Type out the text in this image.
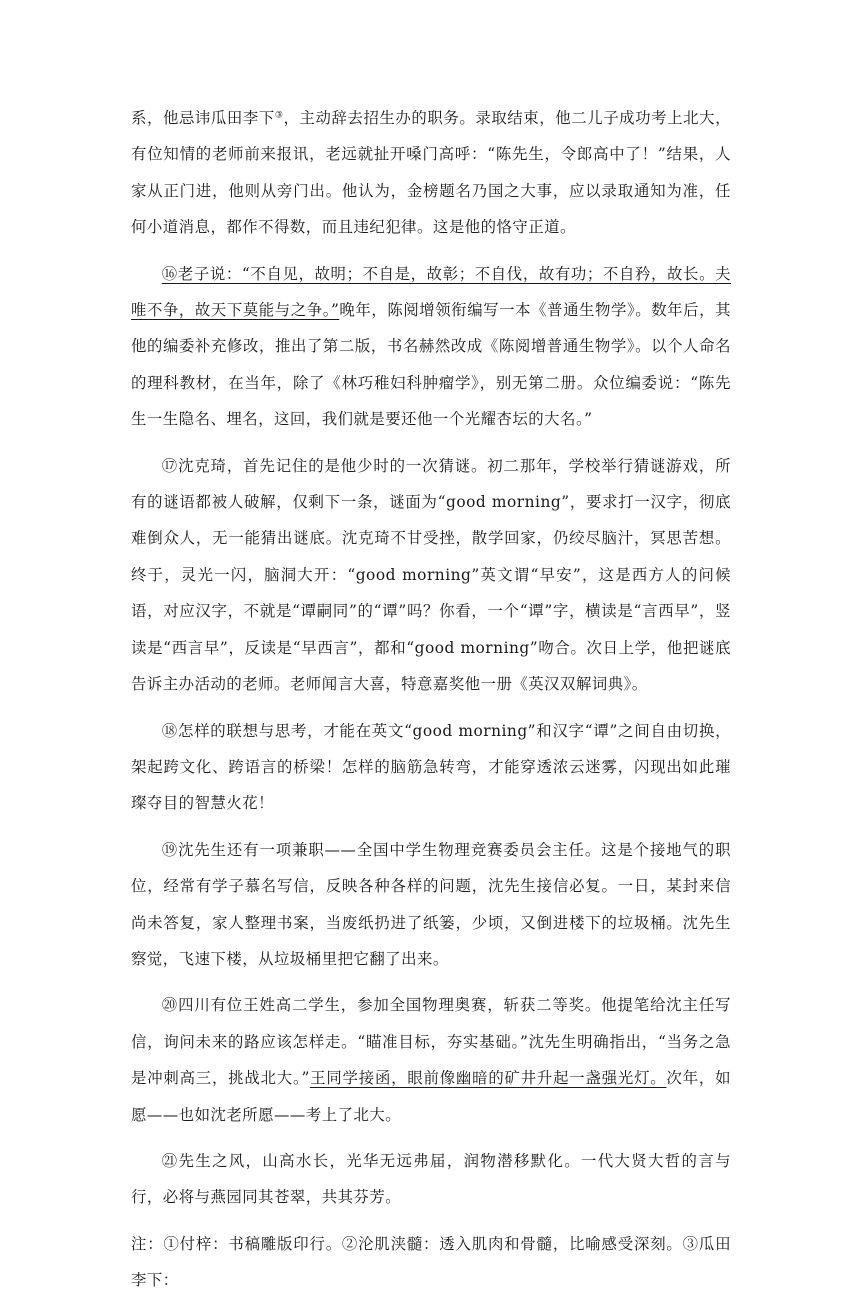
系，他忌讳瓜田李下③，主动辞去招生办的职务。录取结束，他二儿子成功考上北大，有位知情的老师前来报讯，老远就扯开嗓门高呼：“陈先生，令郎高中了！”结果，人家从正门进，他则从旁门出。他认为，金榜题名乃国之大事，应以录取通知为准，任何小道消息，都作不得数，而且违纪犯律。这是他的恪守正道。

⑯老子说：“不自见，故明；不自是，故彰；不自伐，故有功；不自矜，故长。夫唯不争，故天下莫能与之争。”晚年，陈阅增领衔编写一本《普通生物学》。数年后，其他的编委补充修改，推出了第二版，书名赫然改成《陈阅增普通生物学》。以个人命名的理科教材，在当年，除了《林巧稚妇科肿瘤学》，别无第二册。众位编委说：“陈先生一生隐名、埋名，这回，我们就是要还他一个光耀杏坛的大名。”

⑰沈克琦，首先记住的是他少时的一次猜谜。初二那年，学校举行猜谜游戏，所有的谜语都被人破解，仅剩下一条，谜面为“good morning”，要求打一汉字，彻底难倒众人，无一能猜出谜底。沈克琦不甘受挫，散学回家，仍绞尽脑汁，冥思苦想。终于，灵光一闪，脑洞大开：“good morning”英文谓“早安”，这是西方人的问候语，对应汉字，不就是“谭嗣同”的“谭”吗？你看，一个“谭”字，横读是“言西早”，竖读是“西言早”，反读是“早西言”，都和“good morning”吻合。次日上学，他把谜底告诉主办活动的老师。老师闻言大喜，特意嘉奖他一册《英汉双解词典》。

⑱怎样的联想与思考，才能在英文“good morning”和汉字“谭”之间自由切换，架起跨文化、跨语言的桥梁！怎样的脑筋急转弯，才能穿透浓云迷雾，闪现出如此璀璨夺目的智慧火花！

⑲沈先生还有一项兼职——全国中学生物理竞赛委员会主任。这是个接地气的职位，经常有学子慕名写信，反映各种各样的问题，沈先生接信必复。一日，某封来信尚未答复，家人整理书案，当废纸扔进了纸篓，少顷，又倒进楼下的垃圾桶。沈先生察觉，飞速下楼，从垃圾桶里把它翻了出来。

⑳四川有位王姓高二学生，参加全国物理奥赛，斩获二等奖。他提笔给沈主任写信，询问未来的路应该怎样走。“瞄准目标，夯实基础。”沈先生明确指出，“当务之急是冲刺高三，挑战北大。”王同学接函，眼前像幽暗的矿井升起一盏强光灯。次年，如愿——也如沈老所愿——考上了北大。

㉑先生之风，山高水长，光华无远弗届，润物潜移默化。一代大贤大哲的言与行，必将与燕园同其苍翠，共其芬芳。

注：①付梓：书稿雕版印行。②沦肌浃髓：透入肌肉和骨髓，比喻感受深刻。③瓜田李下：
